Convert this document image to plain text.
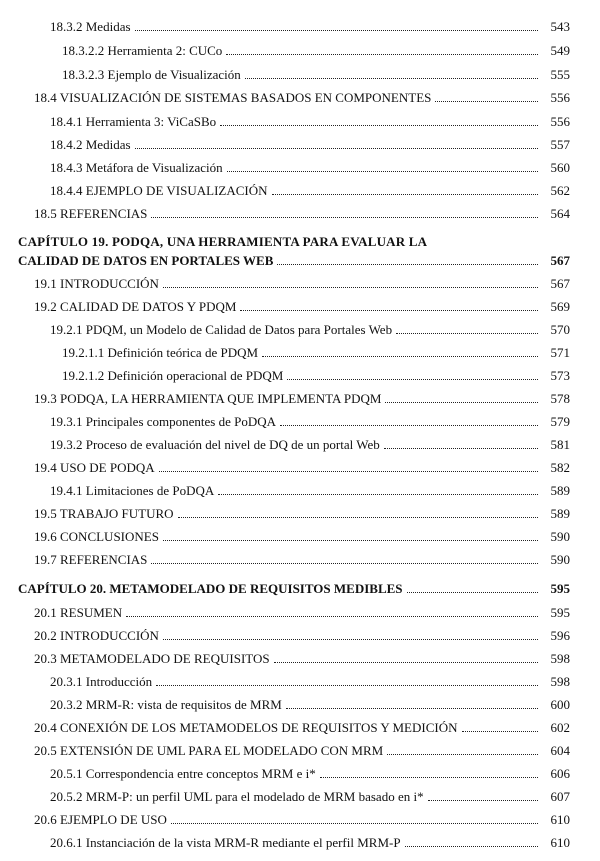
18.3.2 Medidas	543
18.3.2.2 Herramienta 2: CUCo	549
18.3.2.3 Ejemplo de Visualización	555
18.4 VISUALIZACIÓN DE SISTEMAS BASADOS EN COMPONENTES	556
18.4.1 Herramienta 3: ViCaSBo	556
18.4.2 Medidas	557
18.4.3 Metáfora de Visualización	560
18.4.4 EJEMPLO DE VISUALIZACIÓN	562
18.5 REFERENCIAS	564
CAPÍTULO 19. PODQA, UNA HERRAMIENTA PARA EVALUAR LA
CALIDAD DE DATOS EN PORTALES WEB	567
19.1 INTRODUCCIÓN	567
19.2 CALIDAD DE DATOS Y PDQM	569
19.2.1 PDQM, un Modelo de Calidad de Datos para Portales Web	570
19.2.1.1 Definición teórica de PDQM	571
19.2.1.2 Definición operacional de PDQM	573
19.3 PODQA, LA HERRAMIENTA QUE IMPLEMENTA PDQM	578
19.3.1 Principales componentes de PoDQA	579
19.3.2 Proceso de evaluación del nivel de DQ de un portal Web	581
19.4 USO DE PODQA	582
19.4.1 Limitaciones de PoDQA	589
19.5 TRABAJO FUTURO	589
19.6 CONCLUSIONES	590
19.7 REFERENCIAS	590
CAPÍTULO 20. METAMODELADO DE REQUISITOS MEDIBLES	595
20.1 RESUMEN	595
20.2 INTRODUCCIÓN	596
20.3 METAMODELADO DE REQUISITOS	598
20.3.1 Introducción	598
20.3.2 MRM-R: vista de requisitos de MRM	600
20.4 CONEXIÓN DE LOS METAMODELOS DE REQUISITOS Y MEDICIÓN	602
20.5 EXTENSIÓN DE UML PARA EL MODELADO CON MRM	604
20.5.1 Correspondencia entre conceptos MRM e i*	606
20.5.2 MRM-P: un perfil UML para el modelado de MRM basado en i*	607
20.6 EJEMPLO DE USO	610
20.6.1 Instanciación de la vista MRM-R mediante el perfil MRM-P	610
